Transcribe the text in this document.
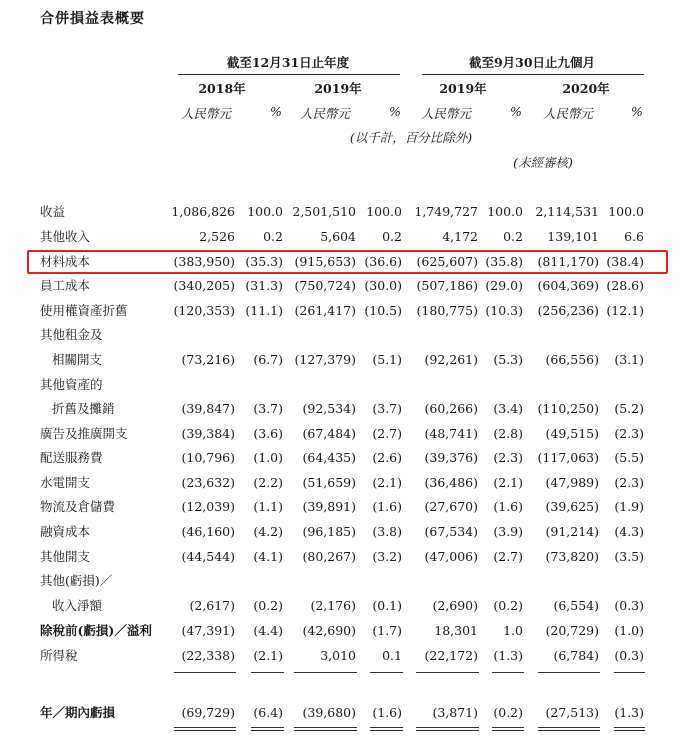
合併損益表概要
截至12月31日止年度	截至9月30日止九個月
2018年	2019年	2019年	2020年
人民幣元	% 人民幣元	% 人民幣元	% 人民幣元	%
(以千計，百分比除外)
(未經審核)
收益	1,086,826 100.0 2,501,510 100.0 1,749,727 100.0 2,114,531 100.0
其他收入	2,526 0.2	5,604 0.2	4,172 0.2 139,101 6.6
材料成本	(383,950) (35.3) (915,653) (36.6) (625,607) (35.8) (811,170) (38.4)
員工成本	(340,205) (31.3) (750,724) (30.0) (507,186) (29.0) (604,369) (28.6)
使用權資產折舊	(120,353) (11.1) (261,417) (10.5) (180,775) (10.3) (256,236) (12.1)
其他租金及
相關開支	(73,216) (6.7) (127,379) (5.1) (92,261) (5.3) (66,556) (3.1)
其他資產的
折舊及攤銷	(39,847) (3.7) (92,534) (3.7) (60,266) (3.4) (110,250) (5.2)
廣告及推廣開支	(39,384) (3.6) (67,484) (2.7) (48,741) (2.8) (49,515) (2.3)
配送服務費	(10,796) (1.0) (64,435) (2.6) (39,376) (2.3) (117,063) (5.5)
水電開支	(23,632) (2.2) (51,659) (2.1) (36,486) (2.1) (47,989) (2.3)
物流及倉儲費	(12,039) (1.1) (39,891) (1.6) (27,670) (1.6) (39,625) (1.9)
融資成本	(46,160) (4.2) (96,185) (3.8) (67,534) (3.9) (91,214) (4.3)
其他開支	(44,544) (4.1) (80,267) (3.2) (47,006) (2.7) (73,820) (3.5)
其他(虧損)／
收入淨額	(2,617) (0.2) (2,176) (0.1) (2,690) (0.2) (6,554) (0.3)
除稅前(虧損)／溢利 (47,391) (4.4) (42,690) (1.7)	18,301 1.0 (20,729) (1.0)
所得稅	(22,338) (2.1)	3,010 0.1 (22,172) (1.3) (6,784) (0.3)
年／期內虧損	(69,729) (6.4) (39,680) (1.6) (3,871) (0.2) (27,513) (1.3)
